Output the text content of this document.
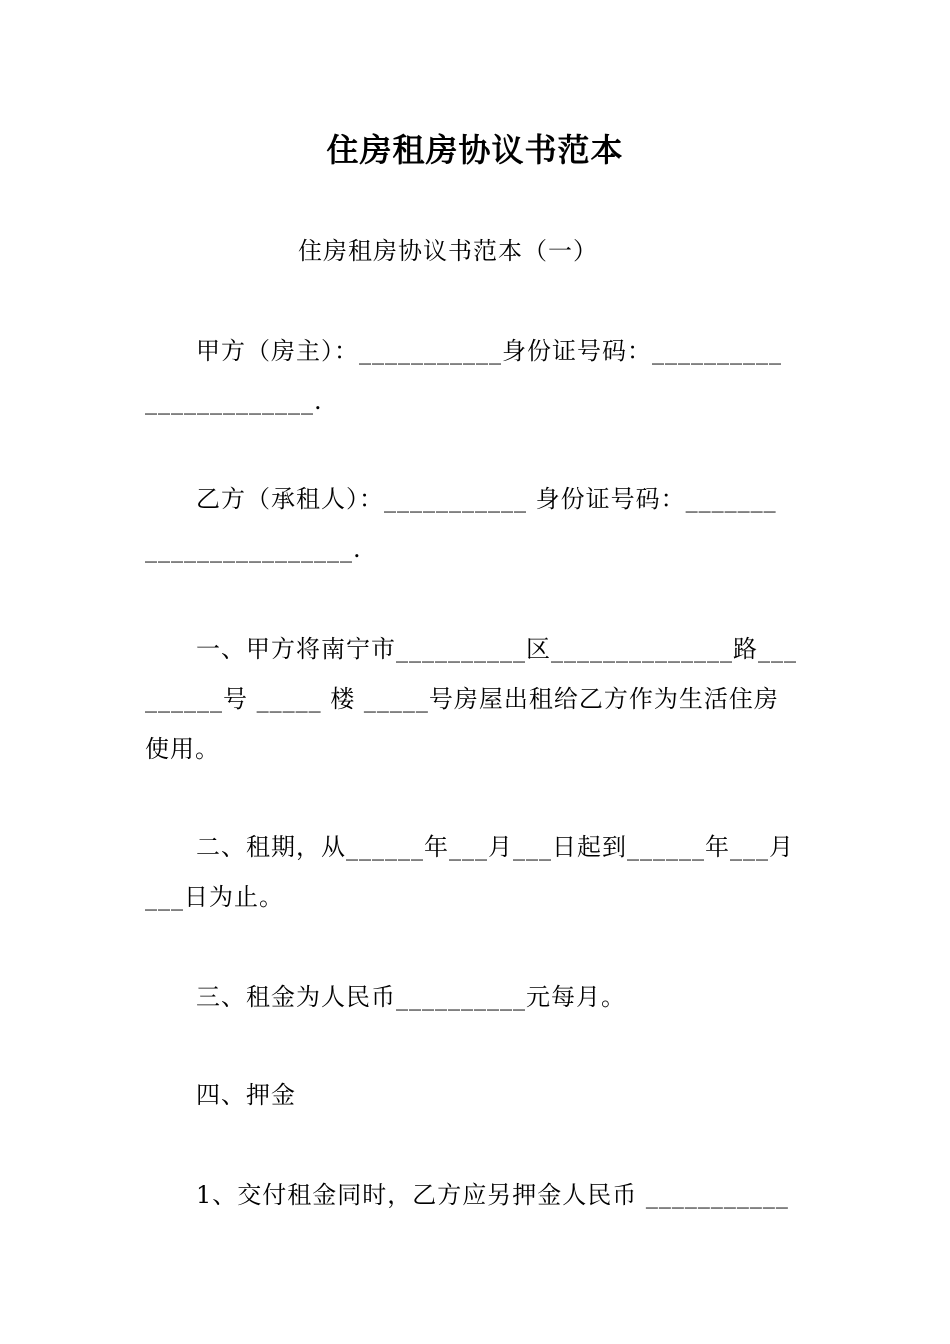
住房租房协议书范本
住房租房协议书范本（一）
甲方（房主）：___________身份证号码：__________
_____________.
乙方（承租人）：___________ 身份证号码：_______
________________.
一、甲方将南宁市__________区______________路___
______号 _____ 楼 _____号房屋出租给乙方作为生活住房
使用。
二、租期，从______年___月___日起到______年___月
___日为止。
三、租金为人民币__________元每月。
四、押金
1、交付租金同时，乙方应另押金人民币 ___________
